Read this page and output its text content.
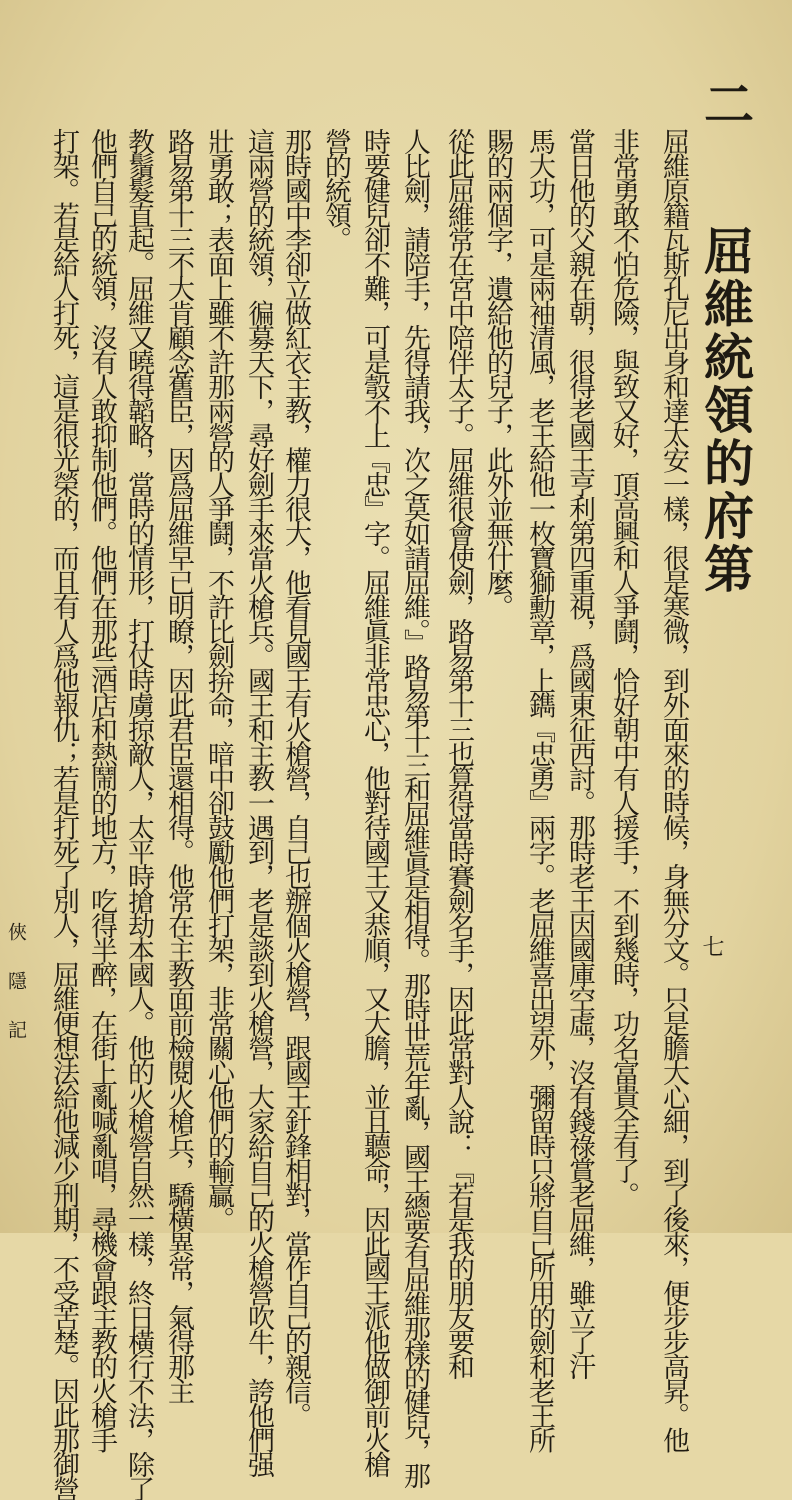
二
屈維統領的府第
屈維原籍瓦斯孔尼出身和達太安一樣，很是寒微，到外面來的時候，身無分文。只是膽大心細，到了後來，便步步高昇。他
非常勇敢不怕危險，與致又好，頂高興和人爭鬪，恰好朝中有人援手，不到幾時，功名富貴全有了。
當日他的父親在朝，很得老國王亨利第四重視，爲國東征西討。那時老王因國庫空虛，沒有錢祿賞老屈維，雖立了汗
馬大功，可是兩袖清風，老王給他一枚寶獅勳章，上鐫『忠勇』兩字。老屈維喜出望外，彌留時只將自己所用的劍和老王所
賜的兩個字，遺給他的兒子，此外並無什麼。
從此屈維常在宮中陪伴太子。屈維很會使劍，路易第十三也算得當時賽劍名手，因此常對人說：『若是我的朋友要和
人比劍，請陪手，先得請我，次之莫如請屈維。』路易第十三和屈維眞是相得。那時世荒年亂，國王總要有屈維那樣的健兒，那
時要健兒卻不難，可是彀不上『忠』字。屈維眞非常忠心，他對待國王又恭順，又大膽，並且聽命，因此國王派他做御前火槍
營的統領。
那時國中李卻立做紅衣主教，權力很大，他看見國王有火槍營，自己也辦個火槍營，跟國王針鋒相對，當作自己的親信。
這兩營的統領，徧募天下，尋好劍手來當火槍兵。國王和主教一遇到，老是談到火槍營，大家給自己的火槍營吹牛，誇他們强
壯勇敢；表面上雖不許那兩營的人爭鬪，不許比劍拚命，暗中卻鼓勵他們打架，非常關心他們的輸贏。
路易第十三不大肯顧念舊臣，因爲屈維早已明瞭，因此君臣還相得。他常在主教面前檢閱火槍兵，驕橫異常，氣得那主
教鬚髮直起。屈維又曉得韜略，當時的情形，打仗時虜掠敵人，太平時搶劫本國人。他的火槍營自然一樣，終日橫行不法，除了
他們自己的統領，沒有人敢抑制他們。他們在那些酒店和熱鬧的地方，吃得半醉，在街上亂喊亂唱，尋機會跟主教的火槍手
打架。若是給人打死，這是很光榮的，而且有人爲他報仇；若是打死了別人，屈維便想法給他減少刑期，不受苦楚。因此那御營
俠隱記	七
